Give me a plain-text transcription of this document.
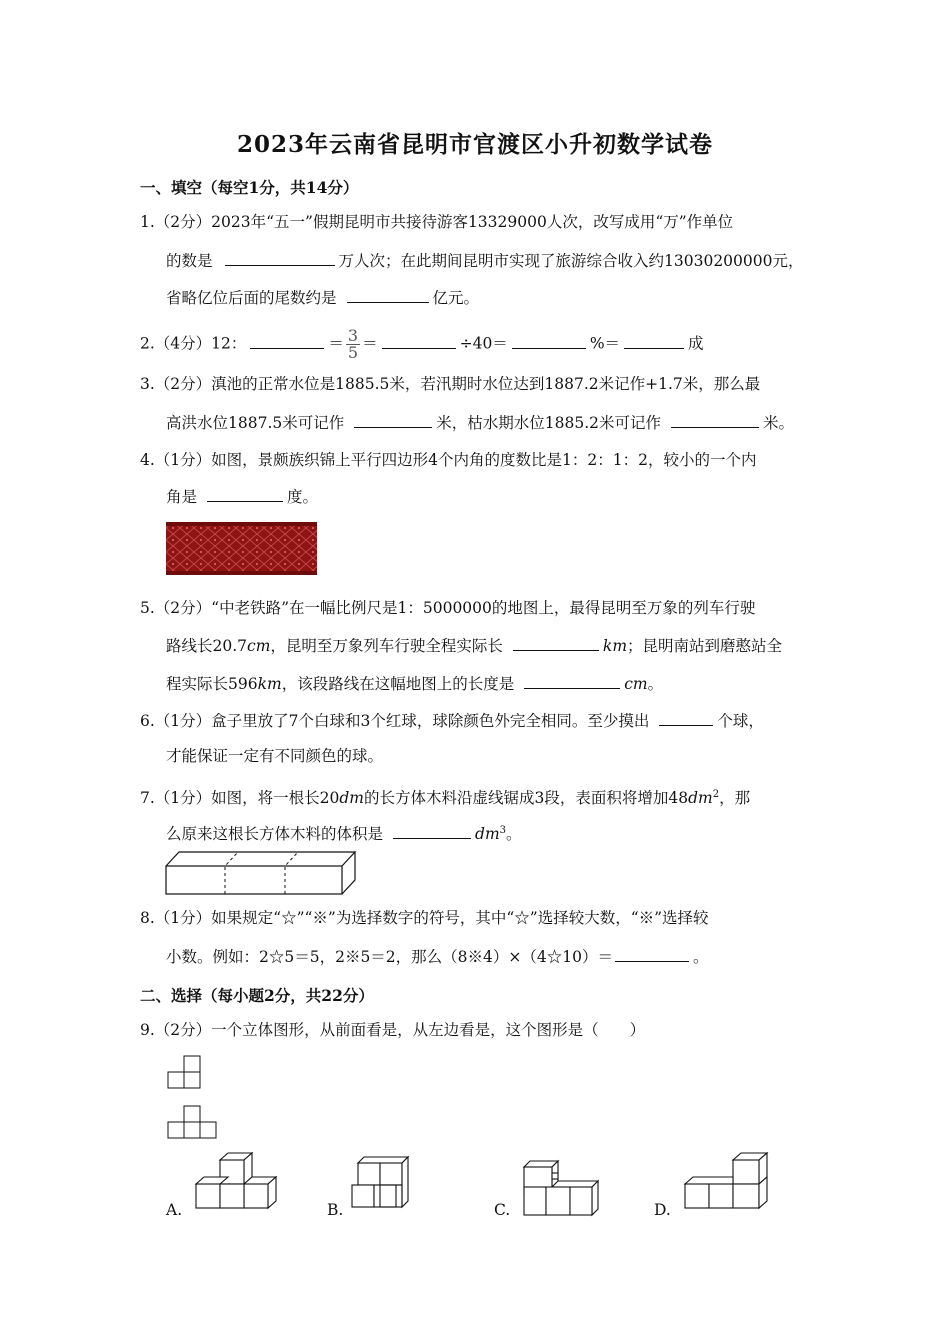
2023年云南省昆明市官渡区小升初数学试卷
一、填空（每空1分，共14分）
1.（2分）2023年“五一”假期昆明市共接待游客13329000人次，改写成用“万”作单位
的数是	万人次；在此期间昆明市实现了旅游综合收入约13030200000元，
省略亿位后面的尾数约是	亿元。
2.（4分）12：	＝ $\frac{3}{5}$ ＝	÷40＝	%＝	成
3.（2分）滇池的正常水位是1885.5米，若汛期时水位达到1887.2米记作+1.7米，那么最
高洪水位1887.5米可记作	米，枯水期水位1885.2米可记作	米。
4.（1分）如图，景颇族织锦上平行四边形4个内角的度数比是1：2：1：2，较小的一个内
角是	度。
5.（2分）“中老铁路”在一幅比例尺是1：5000000的地图上，最得昆明至万象的列车行驶
路线长20.7cm，昆明至万象列车行驶全程实际长	km；昆明南站到磨憨站全
程实际长596km，该段路线在这幅地图上的长度是	cm。
6.（1分）盒子里放了7个白球和3个红球，球除颜色外完全相同。至少摸出	个球，
才能保证一定有不同颜色的球。
7.（1分）如图，将一根长20dm的长方体木料沿虚线锯成3段，表面积将增加$48dm^2$，那
么原来这根长方体木料的体积是	$dm^3$。
8.（1分）如果规定“☆”“※”为选择数字的符号，其中“☆”选择较大数，“※”选择较
小数。例如：2☆5＝5，2※5＝2，那么（8※4）×（4☆10）＝	。
二、选择（每小题2分，共22分）
9.（2分）一个立体图形，从前面看是，从左边看是，这个图形是（　　）
A.	B.	C.	D.
